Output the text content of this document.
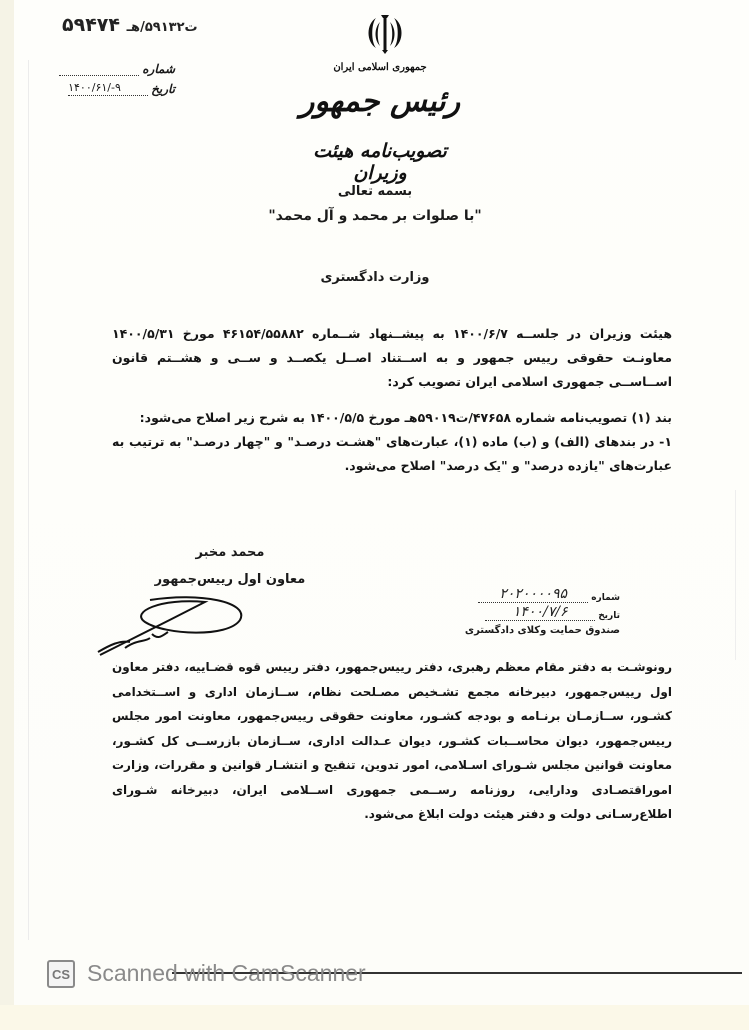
ت۵۹۱۳۲/هـ ۵۹۴۷۴
شماره
۱۴۰۰/۶۱/-۹	تاریخ
جمهوری اسلامی ایران
رئیس جمهور
تصویب‌نامه هیئت وزیران
بسمه تعالی
"با صلوات بر محمد و آل محمد"
وزارت دادگستری

هیئت وزیران در جلســه ۱۴۰۰/۶/۷ به پیشــنهاد شــماره ۴۶۱۵۴/۵۵۸۸۲ مورخ ۱۴۰۰/۵/۳۱ معاونـت حقوقی رییس جمهور و به اســتناد اصــل یکصــد و ســی و هشــتم قانون اســاســی جمهوری اسلامی ایران تصویب کرد:

بند (۱) تصویب‌نامه شماره ۴۷۶۵۸/ت۵۹۰۱۹هـ مورخ ۱۴۰۰/۵/۵ به شرح زیر اصلاح می‌شود:

۱- در بندهای (الف) و (ب) ماده (۱)، عبارت‌های "هشـت درصـد" و "چهار درصـد" به ترتیب به عبارت‌های "یازده درصد" و "یک درصد" اصلاح می‌شود.

محمد مخبر
معاون اول رییس‌جمهور
۲۰۲۰۰۰۰۹۵	شماره
۱۴۰۰/۷/۶	تاریخ
صندوق حمایت وکلای دادگستری
رونوشـت به دفتر مقام معظم رهبری، دفتر رییس‌جمهور، دفتر رییس قوه قضـاییه، دفتر معاون اول رییس‌جمهور، دبیرخانه مجمع تشـخیص مصـلحت نظام، ســازمان اداری و اســتخدامی کشـور، ســازمـان برنـامه و بودجه کشـور، معاونت حقوقی رییس‌جمهور، معاونت امور مجلس رییس‌جمهور، دیوان محاســبات کشـور، دیوان عـدالت اداری، ســازمان بازرســی کل کشـور، معاونت قوانین مجلس شـورای اسـلامی، امور تدوین، تنقیح و انتشـار قوانین و مقررات، وزارت اموراقتصـادی ودارایی، روزنامه رســمی جمهوری اســلامی ایران، دبیرخانه شـورای اطلاع‌رسـانی دولت و دفتر هیئت دولت ابلاغ می‌شود.
CS Scanned with CamScanner
